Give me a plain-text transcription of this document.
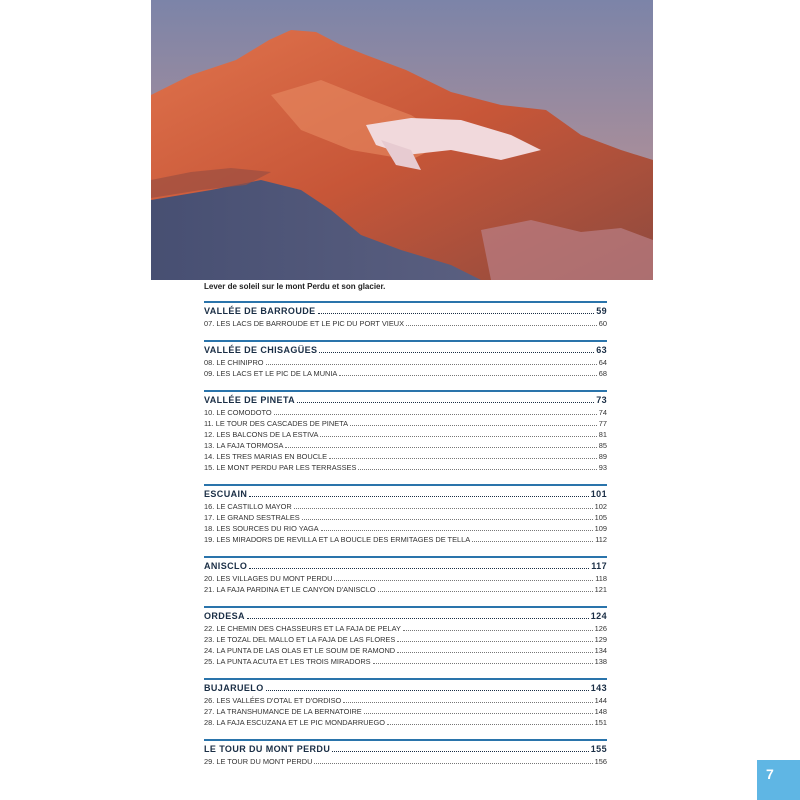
Lever de soleil sur le mont Perdu et son glacier.

VALLÉE DE BARROUDE	59
07. LES LACS DE BARROUDE ET LE PIC DU PORT VIEUX	60
VALLÉE DE CHISAGÜES	63
08. LE CHINIPRO	64
09. LES LACS ET LE PIC DE LA MUNIA	68
VALLÉE DE PINETA	73
10. LE COMODOTO	74
11. LE TOUR DES CASCADES DE PINETA	77
12. LES BALCONS DE LA ESTIVA	81
13. LA FAJA TORMOSA	85
14. LES TRES MARIAS EN BOUCLE	89
15. LE MONT PERDU PAR LES TERRASSES	93
ESCUAIN	101
16. LE CASTILLO MAYOR	102
17. LE GRAND SESTRALES	105
18. LES SOURCES DU RIO YAGA	109
19. LES MIRADORS DE REVILLA ET LA BOUCLE DES ERMITAGES DE TELLA	112
ANISCLO	117
20. LES VILLAGES DU MONT PERDU	118
21. LA FAJA PARDINA ET LE CANYON D'ANISCLO	121
ORDESA	124
22. LE CHEMIN DES CHASSEURS ET LA FAJA DE PELAY	126
23. LE TOZAL DEL MALLO ET LA FAJA DE LAS FLORES	129
24. LA PUNTA DE LAS OLAS ET LE SOUM DE RAMOND	134
25. LA PUNTA ACUTA ET LES TROIS MIRADORS	138
BUJARUELO	143
26. LES VALLÉES D'OTAL ET D'ORDISO	144
27. LA TRANSHUMANCE DE LA BERNATOIRE	148
28. LA FAJA ESCUZANA ET LE PIC MONDARRUEGO	151
LE TOUR DU MONT PERDU	155
29. LE TOUR DU MONT PERDU	156
7
